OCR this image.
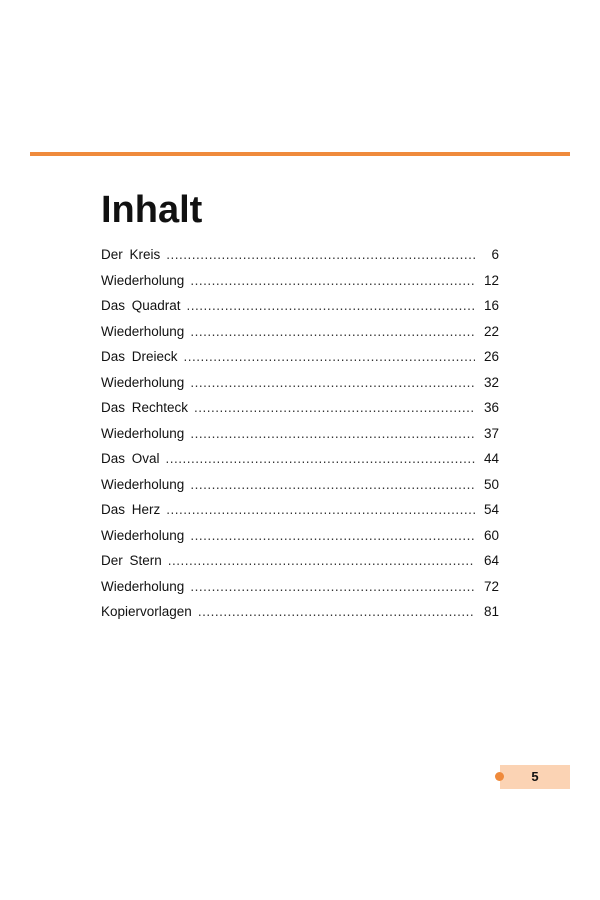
Inhalt
Der Kreis .....	6
Wiederholung .....	12
Das Quadrat .....	16
Wiederholung .....	22
Das Dreieck .....	26
Wiederholung .....	32
Das Rechteck .....	36
Wiederholung .....	37
Das Oval .....	44
Wiederholung .....	50
Das Herz .....	54
Wiederholung .....	60
Der Stern .....	64
Wiederholung .....	72
Kopiervorlagen .....	81
5
